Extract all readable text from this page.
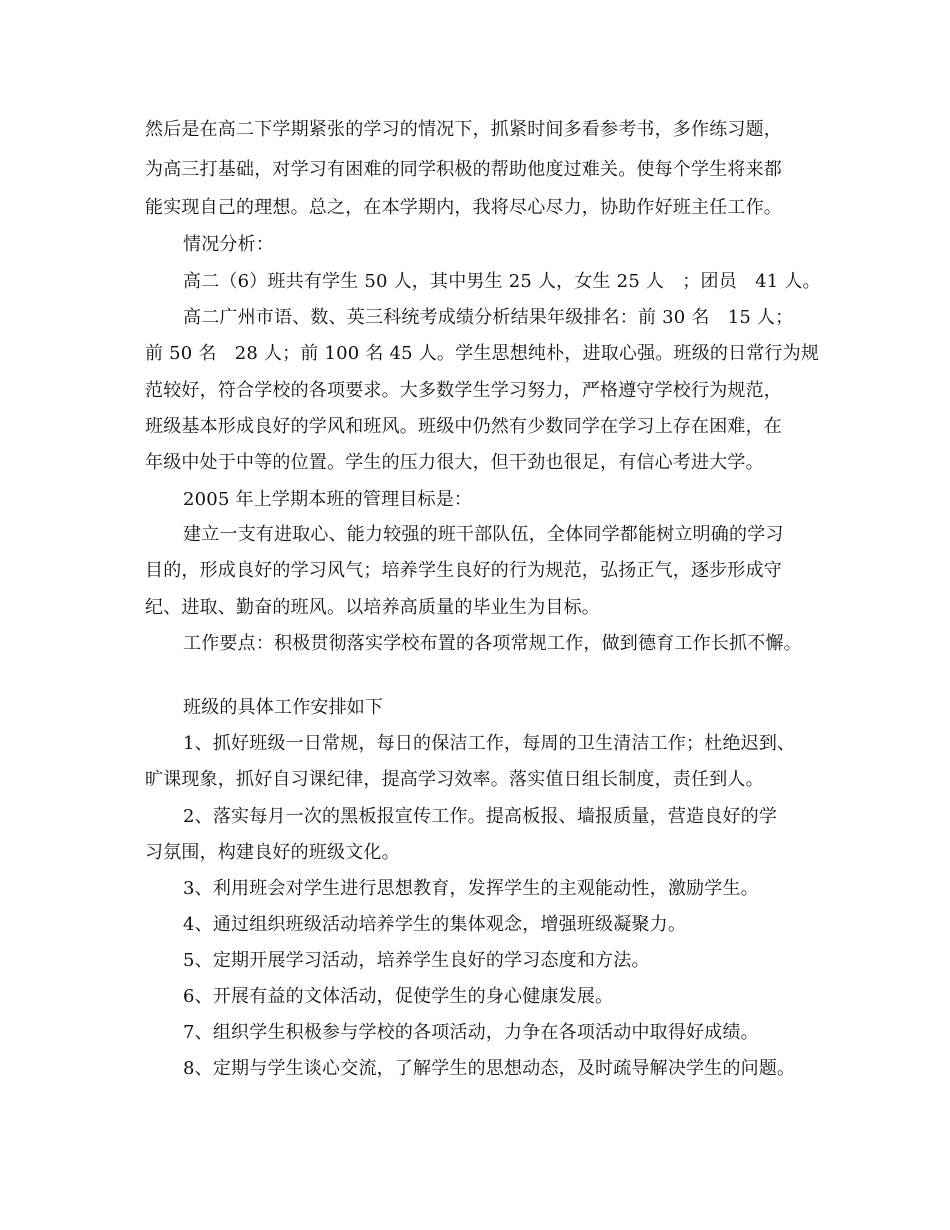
然后是在高二下学期紧张的学习的情况下，抓紧时间多看参考书，多作练习题，
为高三打基础，对学习有困难的同学积极的帮助他度过难关。使每个学生将来都
能实现自己的理想。总之，在本学期内，我将尽心尽力，协助作好班主任工作。
情况分析：
高二（6）班共有学生 50 人，其中男生 25 人，女生 25 人　；团员　41 人。
高二广州市语、数、英三科统考成绩分析结果年级排名：前 30 名　15 人；
前 50 名　28 人；前 100 名 45 人。学生思想纯朴，进取心强。班级的日常行为规
范较好，符合学校的各项要求。大多数学生学习努力，严格遵守学校行为规范，
班级基本形成良好的学风和班风。班级中仍然有少数同学在学习上存在困难，在
年级中处于中等的位置。学生的压力很大，但干劲也很足，有信心考进大学。
2005 年上学期本班的管理目标是：
建立一支有进取心、能力较强的班干部队伍，全体同学都能树立明确的学习
目的，形成良好的学习风气；培养学生良好的行为规范，弘扬正气，逐步形成守
纪、进取、勤奋的班风。以培养高质量的毕业生为目标。
工作要点：积极贯彻落实学校布置的各项常规工作，做到德育工作长抓不懈。
班级的具体工作安排如下
1、抓好班级一日常规，每日的保洁工作，每周的卫生清洁工作；杜绝迟到、
旷课现象，抓好自习课纪律，提高学习效率。落实值日组长制度，责任到人。
2、落实每月一次的黑板报宣传工作。提高板报、墙报质量，营造良好的学
习氛围，构建良好的班级文化。
3、利用班会对学生进行思想教育，发挥学生的主观能动性，激励学生。
4、通过组织班级活动培养学生的集体观念，增强班级凝聚力。
5、定期开展学习活动，培养学生良好的学习态度和方法。
6、开展有益的文体活动，促使学生的身心健康发展。
7、组织学生积极参与学校的各项活动，力争在各项活动中取得好成绩。
8、定期与学生谈心交流，了解学生的思想动态，及时疏导解决学生的问题。
